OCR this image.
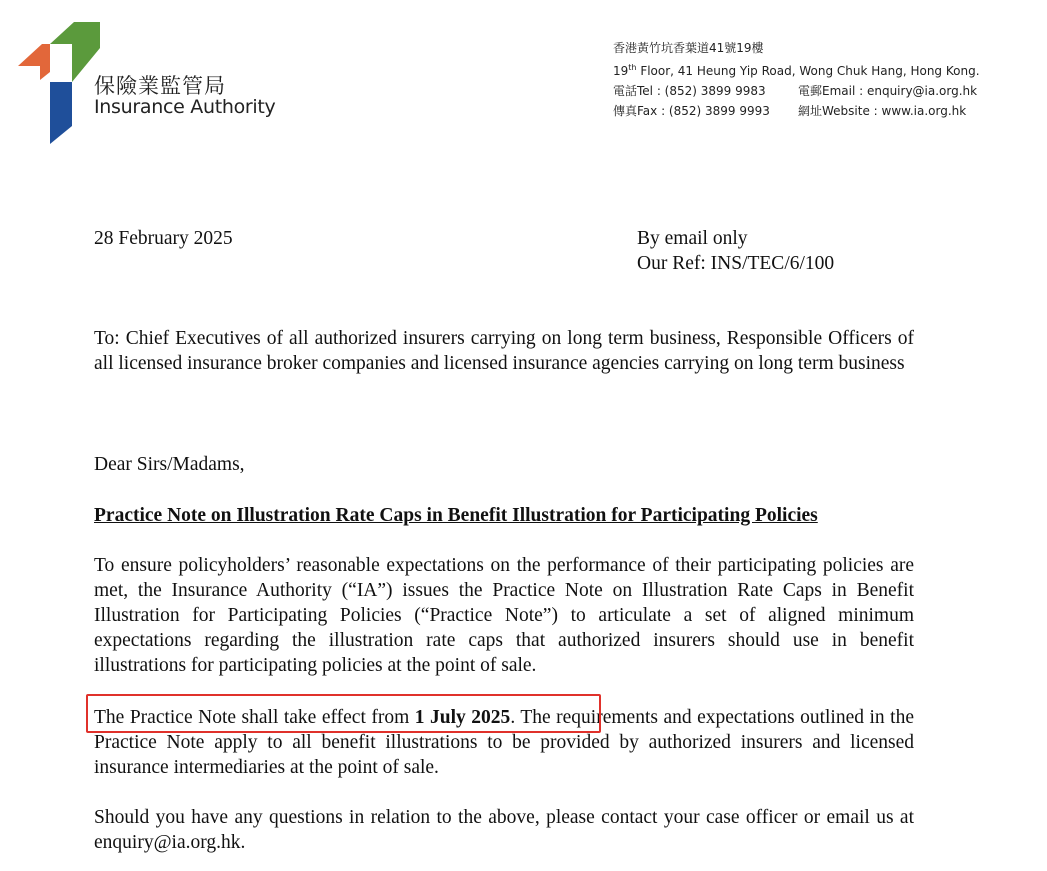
保險業監管局
Insurance Authority
香港黃竹坑香葉道41號19樓
19th Floor, 41 Heung Yip Road, Wong Chuk Hang, Hong Kong.
電話Tel : (852) 3899 9983	電郵Email : enquiry@ia.org.hk
傳真Fax : (852) 3899 9993 網址Website : www.ia.org.hk
28 February 2025	By email only
Our Ref: INS/TEC/6/100
To: Chief Executives of all authorized insurers carrying on long term business, Responsible Officers of all licensed insurance broker companies and licensed insurance agencies carrying on long term business
Dear Sirs/Madams,
Practice Note on Illustration Rate Caps in Benefit Illustration for Participating Policies
To ensure policyholders’ reasonable expectations on the performance of their participating policies are met, the Insurance Authority (“IA”) issues the Practice Note on Illustration Rate Caps in Benefit Illustration for Participating Policies (“Practice Note”) to articulate a set of aligned minimum expectations regarding the illustration rate caps that authorized insurers should use in benefit illustrations for participating policies at the point of sale.
The Practice Note shall take effect from 1 July 2025. The requirements and expectations outlined in the Practice Note apply to all benefit illustrations to be provided by authorized insurers and licensed insurance intermediaries at the point of sale.
Should you have any questions in relation to the above, please contact your case officer or email us at enquiry@ia.org.hk.
